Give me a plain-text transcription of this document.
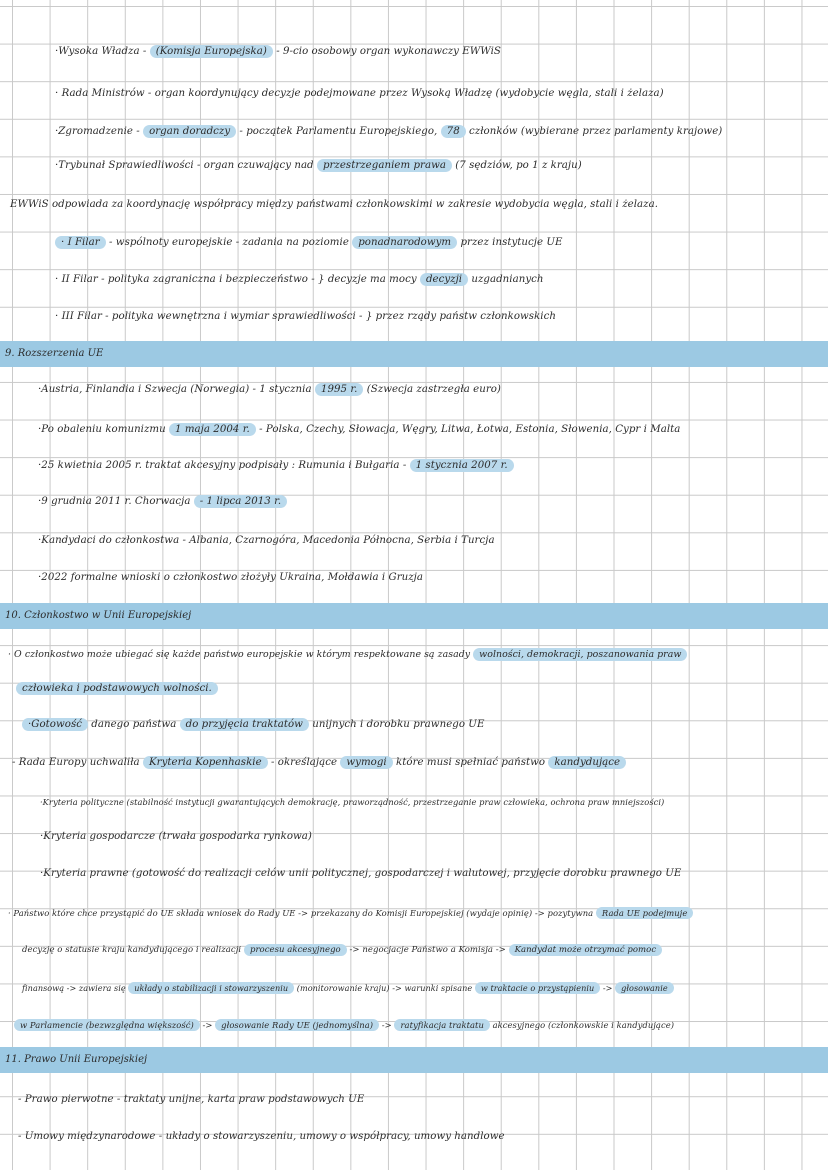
·Wysoka Władza - (Komisja Europejska) - 9-cio osobowy organ wykonawczy EWWiS
· Rada Ministrów - organ koordynujący decyzje podejmowane przez Wysoką Władzę (wydobycie węgla, stali i żelaza)
·Zgromadzenie - organ doradczy - początek Parlamentu Europejskiego, 78 członków (wybierane przez parlamenty krajowe)
·Trybunał Sprawiedliwości - organ czuwający nad przestrzeganiem prawa (7 sędziów, po 1 z kraju)
EWWiS odpowiada za koordynację współpracy między państwami członkowskimi w zakresie wydobycia węgla, stali i żelaza.
· I Filar - wspólnoty europejskie - zadania na poziomie ponadnarodowym przez instytucje UE
· II Filar - polityka zagraniczna i bezpieczeństwo - } decyzje ma mocy decyzji uzgadnianych
· III Filar - polityka wewnętrzna i wymiar sprawiedliwości - } przez rządy państw członkowskich
9. Rozszerzenia UE
·Austria, Finlandia i Szwecja (Norwegia) - 1 stycznia 1995 r. (Szwecja zastrzegła euro)
·Po obaleniu komunizmu 1 maja 2004 r. - Polska, Czechy, Słowacja, Węgry, Litwa, Łotwa, Estonia, Słowenia, Cypr i Malta
·25 kwietnia 2005 r. traktat akcesyjny podpisały : Rumunia i Bułgaria - 1 stycznia 2007 r.
·9 grudnia 2011 r. Chorwacja - 1 lipca 2013 r.
·Kandydaci do członkostwa - Albania, Czarnogóra, Macedonia Północna, Serbia i Turcja
·2022 formalne wnioski o członkostwo złożyły Ukraina, Mołdawia i Gruzja
10. Członkostwo w Unii Europejskiej
· O członkostwo może ubiegać się każde państwo europejskie w którym respektowane są zasady wolności, demokracji, poszanowania praw
człowieka i podstawowych wolności.
·Gotowość danego państwa do przyjęcia traktatów unijnych i dorobku prawnego UE
- Rada Europy uchwaliła Kryteria Kopenhaskie - określające wymogi które musi spełniać państwo kandydujące
·Kryteria polityczne (stabilność instytucji gwarantujących demokrację, praworządność, przestrzeganie praw człowieka, ochrona praw mniejszości)
·Kryteria gospodarcze (trwała gospodarka rynkowa)
·Kryteria prawne (gotowość do realizacji celów unii politycznej, gospodarczej i walutowej, przyjęcie dorobku prawnego UE
· Państwo które chce przystąpić do UE składa wniosek do Rady UE -> przekazany do Komisji Europejskiej (wydaje opinię) -> pozytywna Rada UE podejmuje
decyzję o statusie kraju kandydującego i realizacji procesu akcesyjnego -> negocjacje Państwo a Komisja -> Kandydat może otrzymać pomoc
finansową -> zawiera się układy o stabilizacji i stowarzyszeniu (monitorowanie kraju) -> warunki spisane w traktacie o przystąpieniu -> głosowanie
w Parlamencie (bezwzględna większość) -> głosowanie Rady UE (jednomyślna) -> ratyfikacja traktatu akcesyjnego (członkowskie i kandydujące)
11. Prawo Unii Europejskiej
- Prawo pierwotne - traktaty unijne, karta praw podstawowych UE
- Umowy międzynarodowe - układy o stowarzyszeniu, umowy o współpracy, umowy handlowe
